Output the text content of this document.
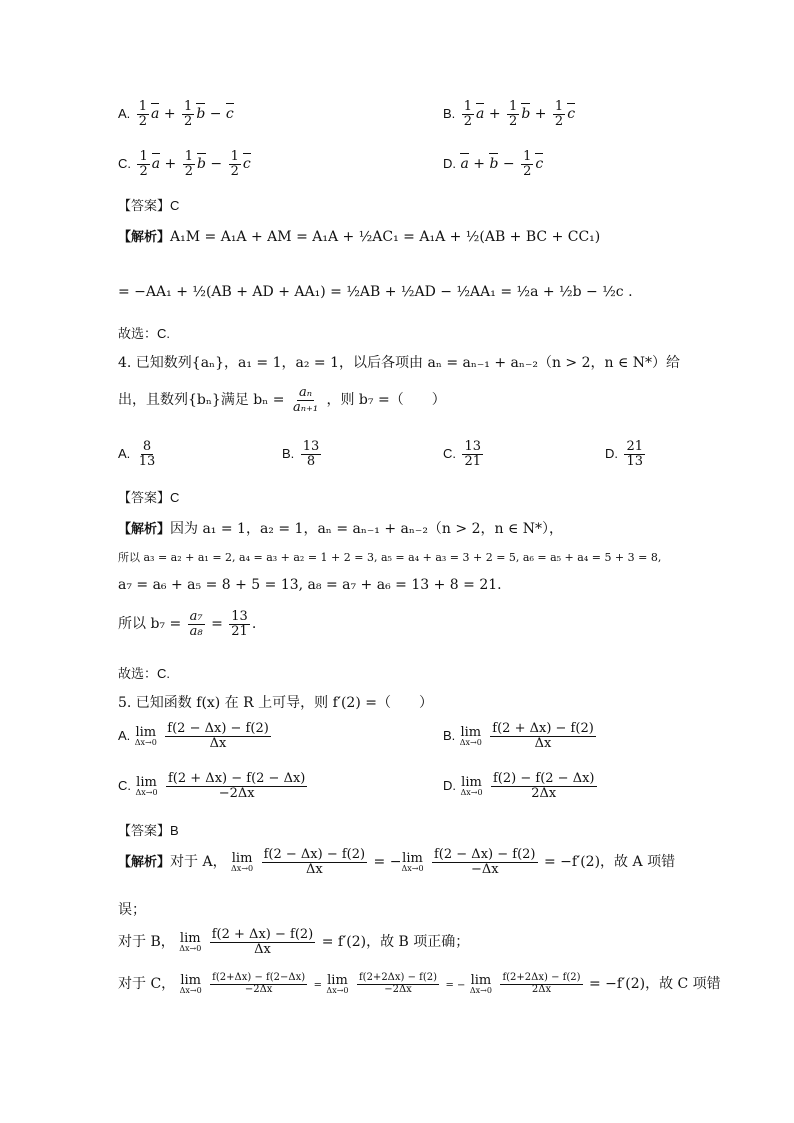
A. $\frac{1}{2}$ $a + \frac{1}{2}$ b − c	B. $\frac{1}{2}$ $a + \frac{1}{2}$ $b + \frac{1}{2}$ c
C. $\frac{1}{2}$ $a + \frac{1}{2}$ $b - \frac{1}{2}$ c	D. $a + b - \frac{1}{2}$ c
【答案】C
【解析】A₁M = A₁A + AM = A₁A + ½AC₁ = A₁A + ½(AB + BC + CC₁)
= −AA₁ + ½(AB + AD + AA₁) = ½AB + ½AD − ½AA₁ = ½a + ½b − ½c .
故选：C.
4. 已知数列{aₙ}，a₁ = 1，a₂ = 1，以后各项由 aₙ = aₙ₋₁ + aₙ₋₂（n > 2，n ∈ N*）给
出，且数列{bₙ}满足 $b_n = \frac{\text{aₙ}}{\text{aₙ₊₁}}$ ，则 b₇ =（　　）
A. $\frac{8}{13}$	B. $\frac{13}{8}$	C. $\frac{13}{21}$	D. $\frac{21}{13}$
【答案】C
【解析】因为 a₁ = 1，a₂ = 1，aₙ = aₙ₋₁ + aₙ₋₂（n > 2，n ∈ N*），
所以 a₃ = a₂ + a₁ = 2, a₄ = a₃ + a₂ = 1 + 2 = 3, a₅ = a₄ + a₃ = 3 + 2 = 5, a₆ = a₅ + a₄ = 5 + 3 = 8,
a₇ = a₆ + a₅ = 8 + 5 = 13, a₈ = a₇ + a₆ = 13 + 8 = 21.
所以 $b_7 = \frac{\text{a₇}}{\text{a₈}} = \frac{13}{21}$ .
故选：C.
5. 已知函数 f(x) 在 R 上可导，则 f′(2) =（　　）
A. lim
Δx→0
$\frac{f(2 - \Delta x) - f(2)}{\Delta x}$	B. lim
Δx→0
$\frac{f(2 + \Delta x) - f(2)}{\Delta x}$
C. lim
Δx→0
$\frac{f(2 + \Delta x) - f(2 - \Delta x)}{-2\Delta x}$	D. lim
Δx→0
$\frac{f(2) - f(2 - \Delta x)}{2\Delta x}$
【答案】B
【解析】对于 A， lim
Δx→0
$\frac{f(2 - \Delta x) - f(2)}{\Delta x}$ = − lim
Δx→0
$\frac{f(2 - \Delta x) - f(2)}{-\Delta x} = -f'(2)$，故 A 项错
误；
对于 B， lim
Δx→0
$\frac{f(2 + \Delta x) - f(2)}{\Delta x} = f'(2)$，故 B 项正确；
对于 C， lim
Δx→0
$\frac{f(2+\Delta x) - f(2-\Delta x)}{-2\Delta x} = \lim$
Δx→0
$\frac{f(2+2\Delta x) - f(2)}{-2\Delta x}$ = − lim
Δx→0
$\frac{f(2+2\Delta x) - f(2)}{2\Delta x} = -f'(2)$，故 C 项错
